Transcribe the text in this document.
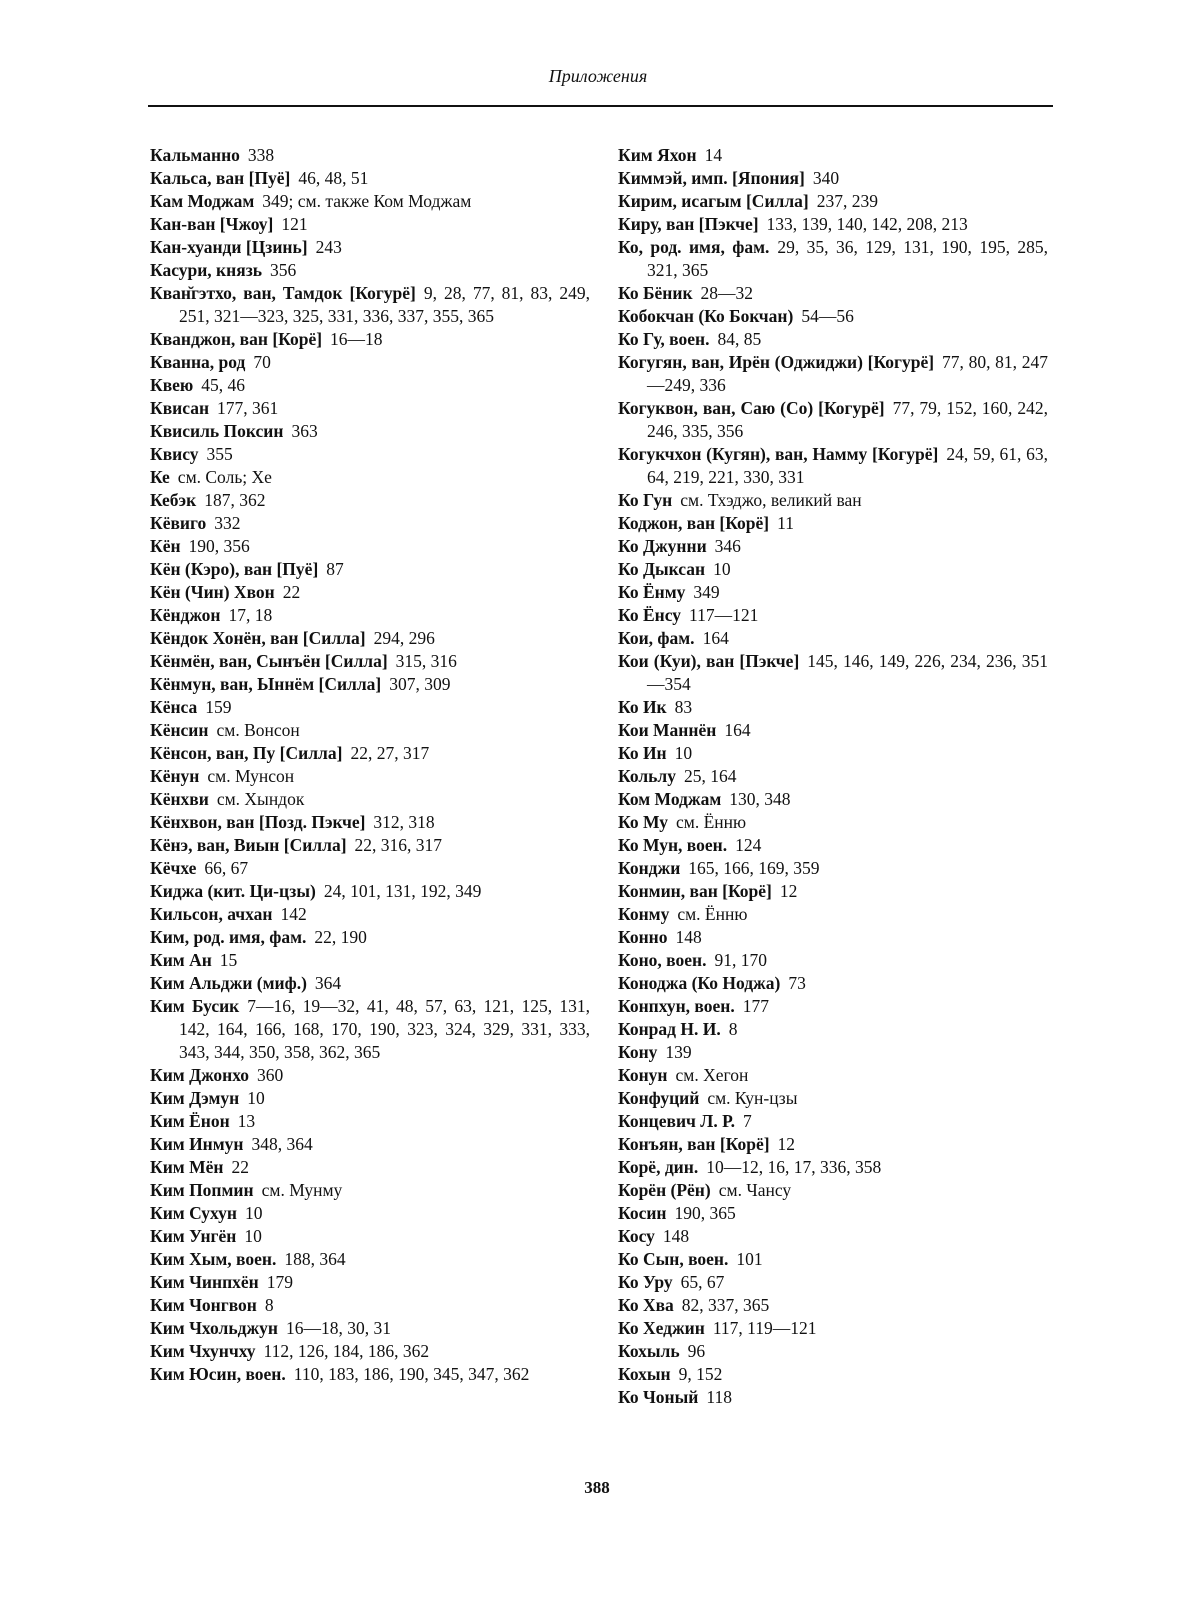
Приложения
Кальманно 338
Кальса, ван [Пуё] 46, 48, 51
Кам Моджам 349; см. также Ком Моджам
Кан-ван [Чжоу] 121
Кан-хуанди [Цзинь] 243
Касури, князь 356
Кван̆гэтхо, ван, Тамдок [Когурё] 9, 28, 77, 81, 83, 249, 251, 321—323, 325, 331, 336, 337, 355, 365
Кванджон, ван [Корё] 16—18
Кванна, род 70
Квею 45, 46
Квисан 177, 361
Квисиль Поксин 363
Квису 355
Ке см. Соль; Хе
Кебэк 187, 362
Кёвиго 332
Кён 190, 356
Кён (Кэро), ван [Пуё] 87
Кён (Чин) Хвон 22
Кёнджон 17, 18
Кёндок Хонён, ван [Силла] 294, 296
Кёнмён, ван, Сынъён [Силла] 315, 316
Кёнмун, ван, Ыннём [Силла] 307, 309
Кёнса 159
Кёнсин см. Вонсон
Кёнсон, ван, Пу [Силла] 22, 27, 317
Кёнун см. Мунсон
Кёнхви см. Хындок
Кёнхвон, ван [Позд. Пэкче] 312, 318
Кёнэ, ван, Виын [Силла] 22, 316, 317
Кёчхе 66, 67
Киджа (кит. Ци-цзы) 24, 101, 131, 192, 349
Кильсон, ачхан 142
Ким, род. имя, фам. 22, 190
Ким Ан 15
Ким Альджи (миф.) 364
Ким Бусик 7—16, 19—32, 41, 48, 57, 63, 121, 125, 131, 142, 164, 166, 168, 170, 190, 323, 324, 329, 331, 333, 343, 344, 350, 358, 362, 365
Ким Джонхо 360
Ким Дэмун 10
Ким Ёнон 13
Ким Инмун 348, 364
Ким Мён 22
Ким Попмин см. Мунму
Ким Сухун 10
Ким Унгён 10
Ким Хым, воен. 188, 364
Ким Чинпхён 179
Ким Чонгвон 8
Ким Чхольджун 16—18, 30, 31
Ким Чхунчху 112, 126, 184, 186, 362
Ким Юсин, воен. 110, 183, 186, 190, 345, 347, 362
Ким Яхон 14
Киммэй, имп. [Япония] 340
Кирим, исагым [Силла] 237, 239
Киру, ван [Пэкче] 133, 139, 140, 142, 208, 213
Ко, род. имя, фам. 29, 35, 36, 129, 131, 190, 195, 285, 321, 365
Ко Бёник 28—32
Кобокчан (Ко Бокчан) 54—56
Ко Гу, воен. 84, 85
Когугян, ван, Ирён (Оджиджи) [Когурё] 77, 80, 81, 247—249, 336
Когуквон, ван, Саю (Со) [Когурё] 77, 79, 152, 160, 242, 246, 335, 356
Когукчхон (Кугян), ван, Намму [Когурё] 24, 59, 61, 63, 64, 219, 221, 330, 331
Ко Гун см. Тхэджо, великий ван
Коджон, ван [Корё] 11
Ко Джунни 346
Ко Дыксан 10
Ко Ёнму 349
Ко Ёнсу 117—121
Кои, фам. 164
Кои (Куи), ван [Пэкче] 145, 146, 149, 226, 234, 236, 351—354
Ко Ик 83
Кои Маннён 164
Ко Ин 10
Кольлу 25, 164
Ком Моджам 130, 348
Ко Му см. Ённю
Ко Мун, воен. 124
Конджи 165, 166, 169, 359
Конмин, ван [Корё] 12
Конму см. Ённю
Конно 148
Коно, воен. 91, 170
Коноджа (Ко Ноджа) 73
Конпхун, воен. 177
Конрад Н. И. 8
Кону 139
Конун см. Хегон
Конфуций см. Кун-цзы
Концевич Л. Р. 7
Конъян, ван [Корё] 12
Корё, дин. 10—12, 16, 17, 336, 358
Корён (Рён) см. Чансу
Косин 190, 365
Косу 148
Ко Сын, воен. 101
Ко Уру 65, 67
Ко Хва 82, 337, 365
Ко Хеджин 117, 119—121
Кохыль 96
Кохын 9, 152
Ко Чоный 118
388
